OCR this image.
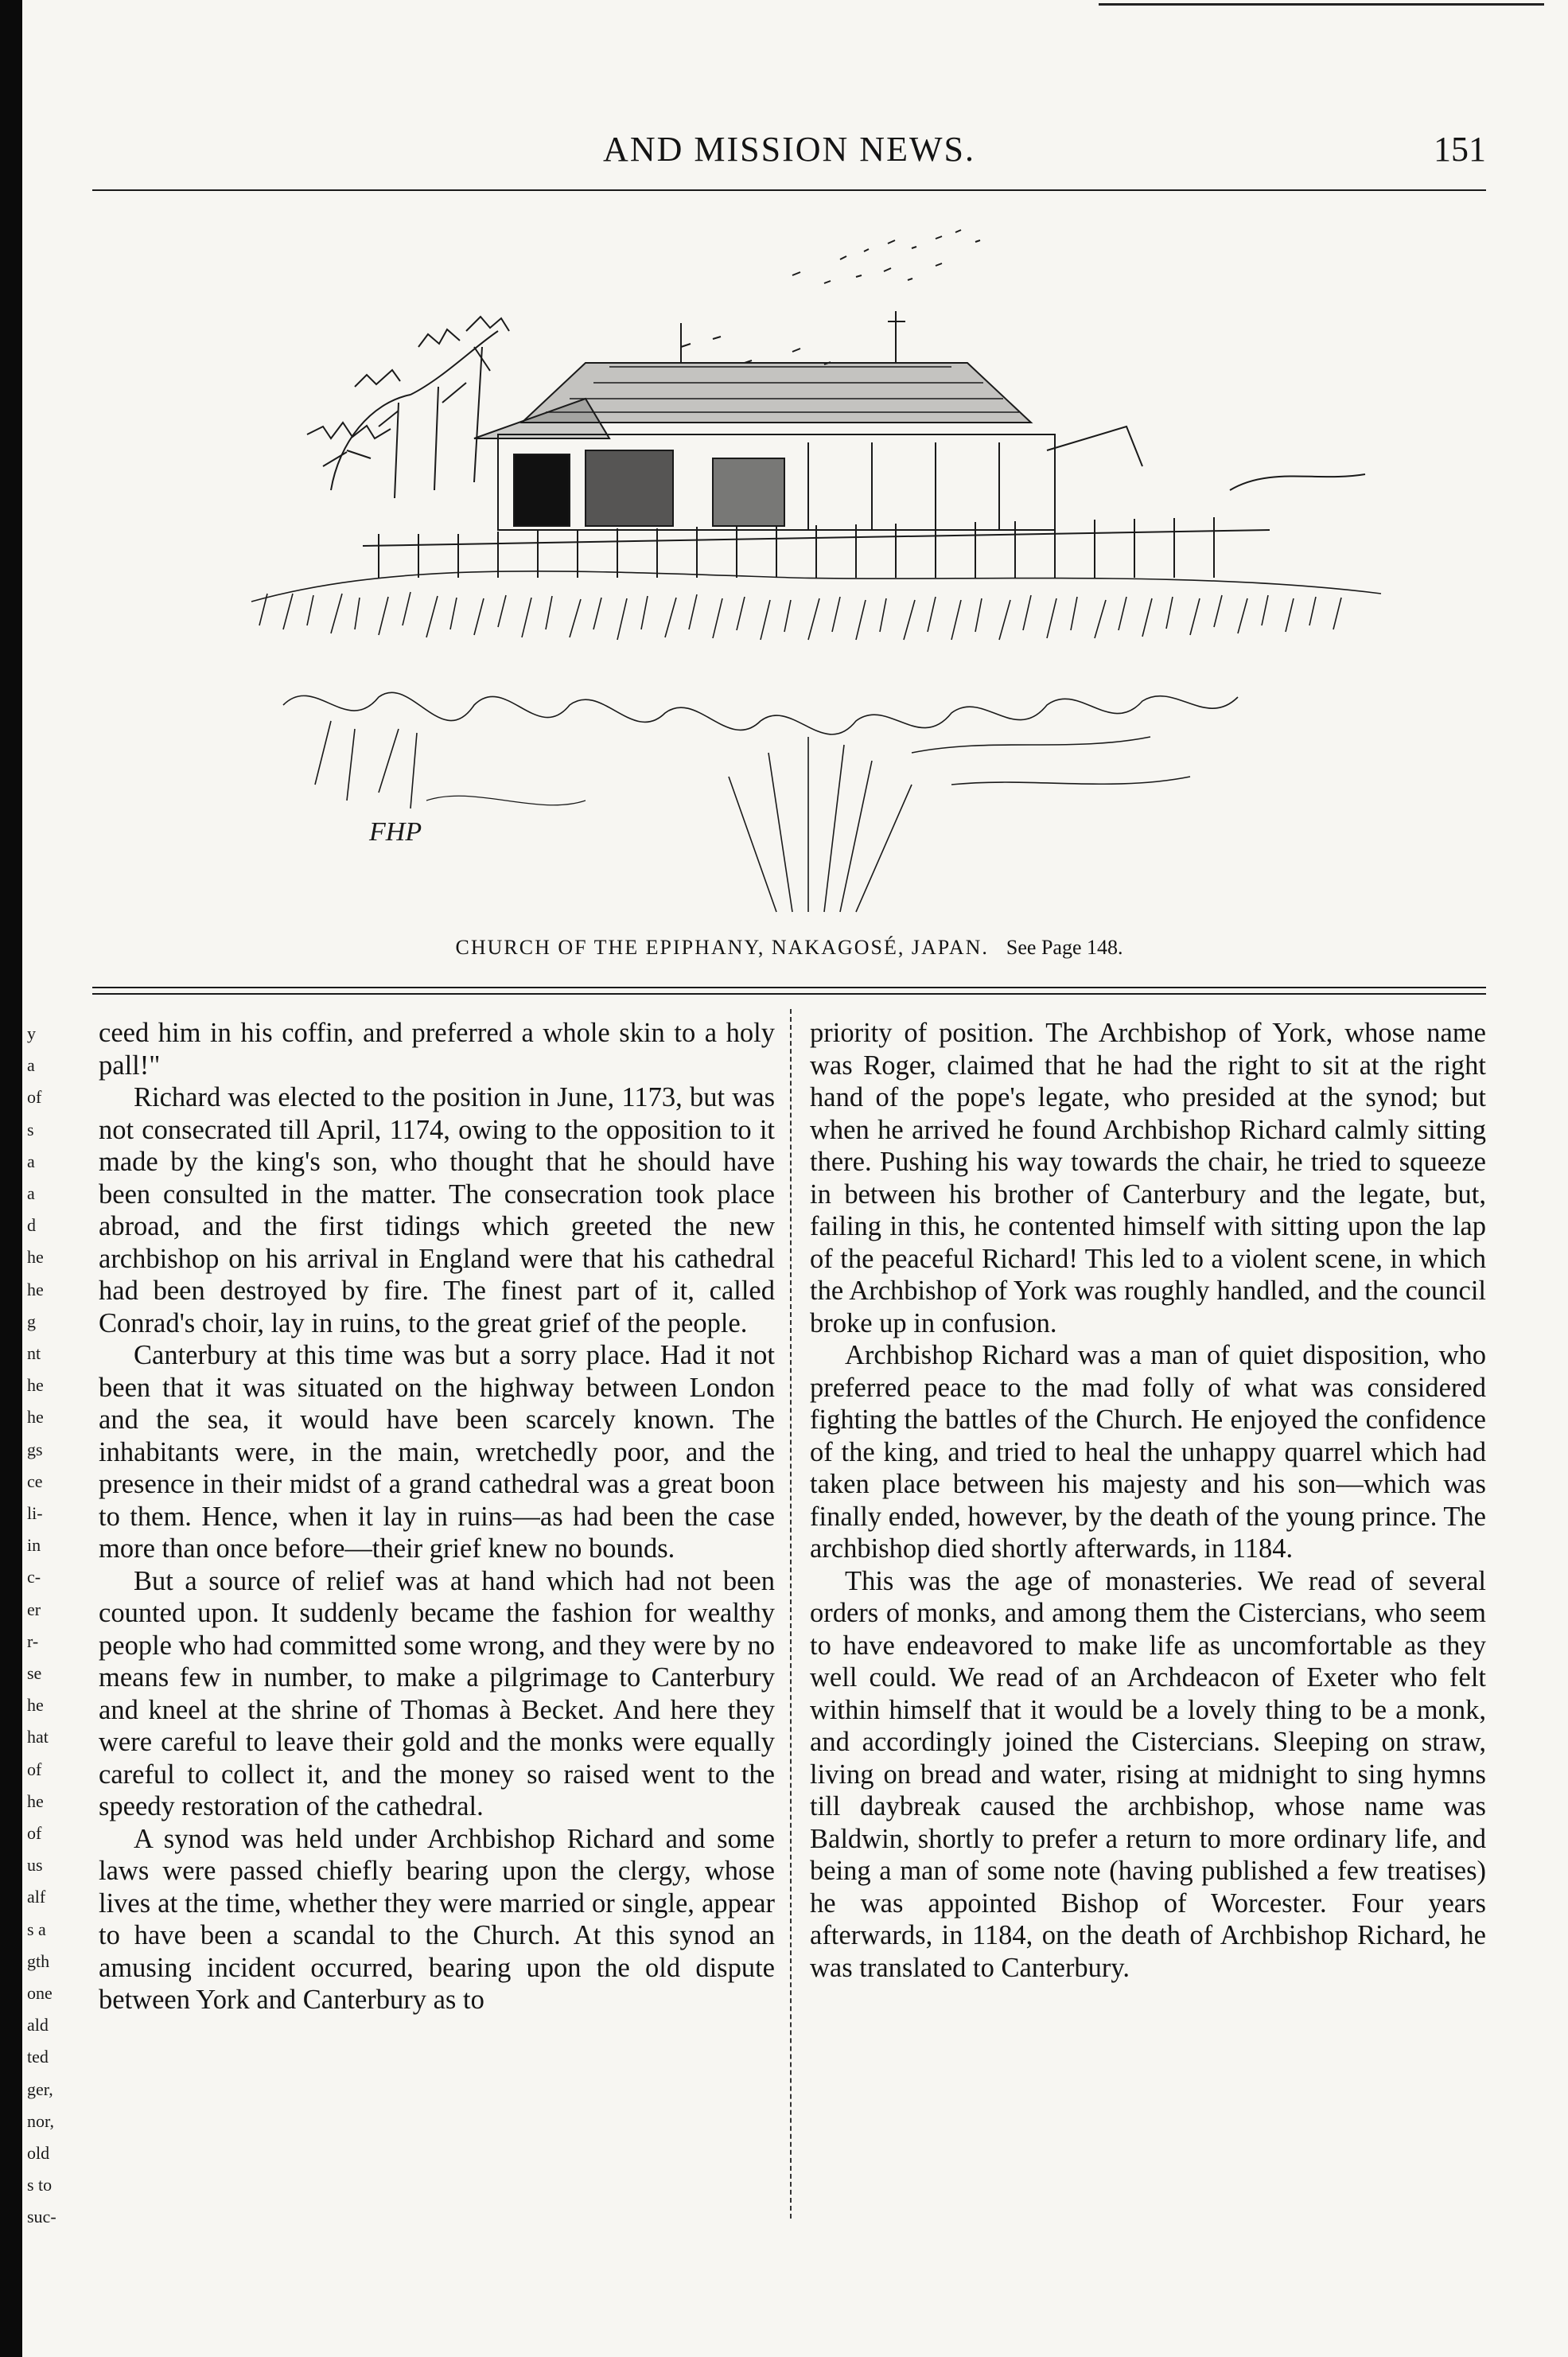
y
a
of
s
a
a
d
he
he
g
nt
he
he
gs
ce
li-
in
c-
er
r-
se
he
hat
of
he
of
us
alf
s a
gth
one
ald
ted
ger,
nor,
old
s to
suc-
AND MISSION NEWS.	151
FHP
CHURCH OF THE EPIPHANY, NAKAGOSÉ, JAPAN. See Page 148.

ceed him in his coffin, and preferred a whole skin to a holy pall!"

Richard was elected to the position in June, 1173, but was not consecrated till April, 1174, owing to the opposition to it made by the king's son, who thought that he should have been consulted in the matter. The consecration took place abroad, and the first tidings which greeted the new archbishop on his arrival in England were that his cathedral had been destroyed by fire. The finest part of it, called Conrad's choir, lay in ruins, to the great grief of the people.

Canterbury at this time was but a sorry place. Had it not been that it was situated on the highway between London and the sea, it would have been scarcely known. The inhabitants were, in the main, wretchedly poor, and the presence in their midst of a grand cathedral was a great boon to them. Hence, when it lay in ruins—as had been the case more than once before—their grief knew no bounds.

But a source of relief was at hand which had not been counted upon. It suddenly became the fashion for wealthy people who had committed some wrong, and they were by no means few in number, to make a pilgrimage to Canterbury and kneel at the shrine of Thomas à Becket. And here they were careful to leave their gold and the monks were equally careful to collect it, and the money so raised went to the speedy restoration of the cathedral.

A synod was held under Archbishop Richard and some laws were passed chiefly bearing upon the clergy, whose lives at the time, whether they were married or single, appear to have been a scandal to the Church. At this synod an amusing incident occurred, bearing upon the old dispute between York and Canterbury as to

priority of position. The Archbishop of York, whose name was Roger, claimed that he had the right to sit at the right hand of the pope's legate, who presided at the synod; but when he arrived he found Archbishop Richard calmly sitting there. Pushing his way towards the chair, he tried to squeeze in between his brother of Canterbury and the legate, but, failing in this, he contented himself with sitting upon the lap of the peaceful Richard! This led to a violent scene, in which the Archbishop of York was roughly handled, and the council broke up in confusion.

Archbishop Richard was a man of quiet disposition, who preferred peace to the mad folly of what was considered fighting the battles of the Church. He enjoyed the confidence of the king, and tried to heal the unhappy quarrel which had taken place between his majesty and his son—which was finally ended, however, by the death of the young prince. The archbishop died shortly afterwards, in 1184.

This was the age of monasteries. We read of several orders of monks, and among them the Cistercians, who seem to have endeavored to make life as uncomfortable as they well could. We read of an Archdeacon of Exeter who felt within himself that it would be a lovely thing to be a monk, and accordingly joined the Cistercians. Sleeping on straw, living on bread and water, rising at midnight to sing hymns till daybreak caused the archbishop, whose name was Baldwin, shortly to prefer a return to more ordinary life, and being a man of some note (having published a few treatises) he was appointed Bishop of Worcester. Four years afterwards, in 1184, on the death of Archbishop Richard, he was translated to Canterbury.
